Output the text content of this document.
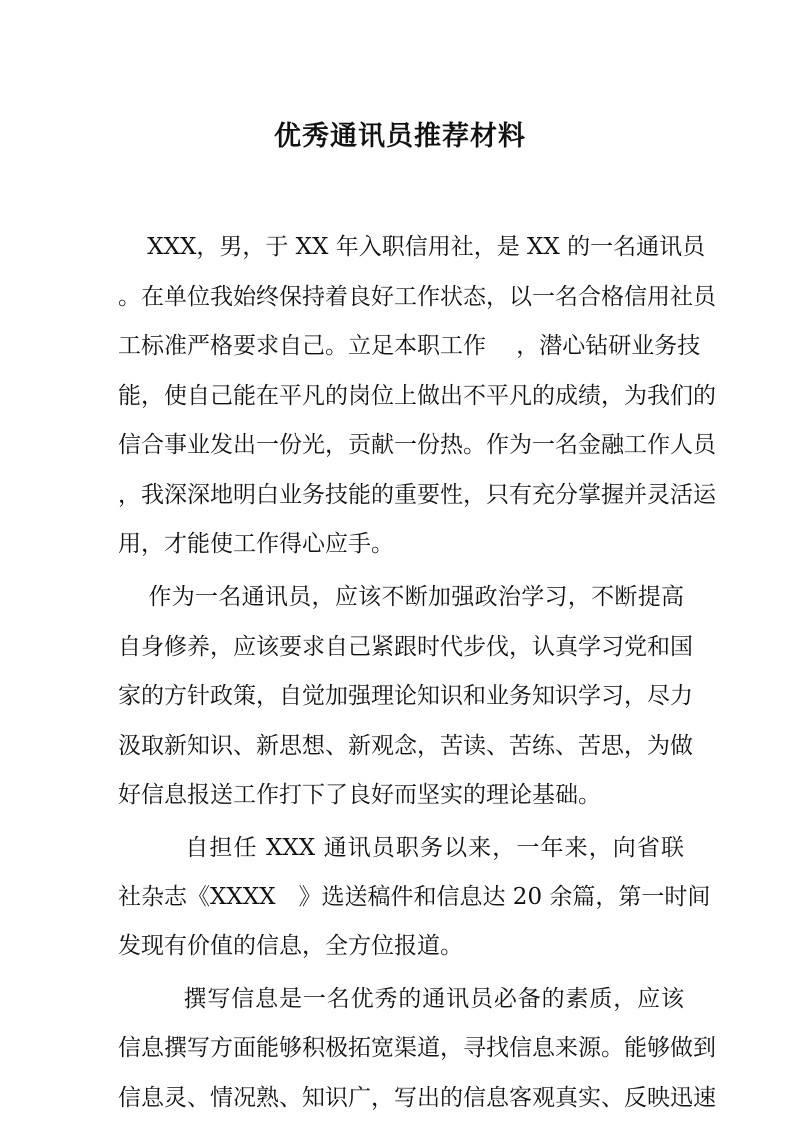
优秀通讯员推荐材料
XXX，男，于 XX 年入职信用社，是 XX 的一名通讯员
。在单位我始终保持着良好工作状态，以一名合格信用社员
工标准严格要求自己。立足本职工作　 ，潜心钻研业务技
能，使自己能在平凡的岗位上做出不平凡的成绩，为我们的
信合事业发出一份光，贡献一份热。作为一名金融工作人员
，我深深地明白业务技能的重要性，只有充分掌握并灵活运
用，才能使工作得心应手。
作为一名通讯员，应该不断加强政治学习，不断提高
自身修养，应该要求自己紧跟时代步伐，认真学习党和国
家的方针政策，自觉加强理论知识和业务知识学习，尽力
汲取新知识、新思想、新观念，苦读、苦练、苦思，为做
好信息报送工作打下了良好而坚实的理论基础。
自担任 XXX 通讯员职务以来，一年来，向省联
社杂志《XXXX　》选送稿件和信息达 20 余篇，第一时间
发现有价值的信息，全方位报道。
撰写信息是一名优秀的通讯员必备的素质，应该
信息撰写方面能够积极拓宽渠道，寻找信息来源。能够做到
信息灵、情况熟、知识广，写出的信息客观真实、反映迅速
